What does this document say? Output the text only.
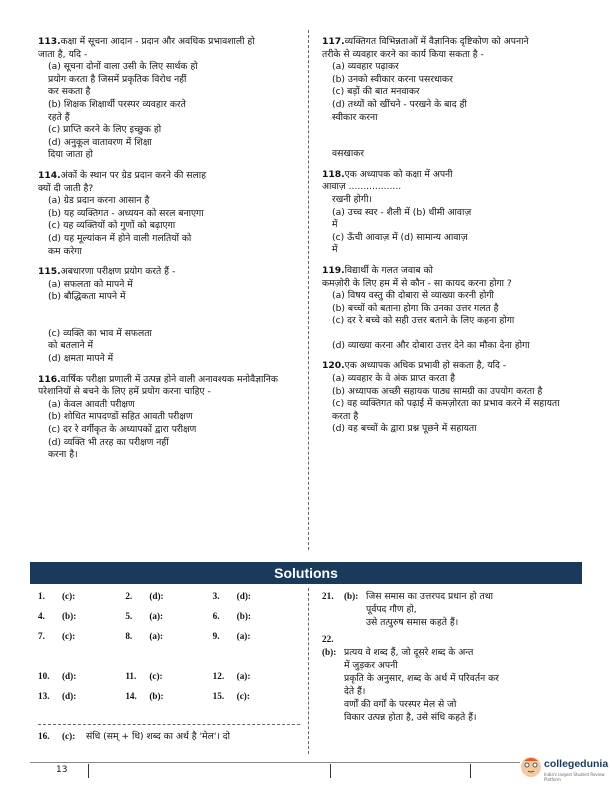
113.कक्षा में सूचना आदान - प्रदान और अवधिक प्रभावशाली हो
जाता है, यदि -
(a) सूचना दोनों वाला उसी के लिए सार्थक हो
प्रयोग करता है जिसमें प्रकृतिक विरोध नहीं
कर सकता है
(b) शिक्षक शिक्षार्थी परस्पर व्यवहार करते
रहते हैं
(c) प्राप्ति करने के लिए इच्छुक हो
(d) अनुकूल वातावरण में शिक्षा
दिया जाता हो
114.अंकों के स्थान पर ग्रेड प्रदान करने की सलाह
क्यों दी जाती है?
(a) ग्रेड प्रदान करना आसान है
(b) यह व्यक्तिगत - अध्ययन को सरल बनाएगा
(c) यह व्यक्तियों को गुणों को बढ़ाएगा
(d) यह मूल्यांकन में होने वाली गलतियों को
कम करेगा
115.अबधारणा परीक्षण प्रयोग करते हैं -
(a) सफलता को मापने में
(b) बौद्धिकता मापने में
(c) व्यक्ति का भाव में सफलता
को बतलाने में
(d) क्षमता मापने में
116.वार्षिक परीक्षा प्रणाली में उत्पन्न होने वाली अनावश्यक मनोवैज्ञानिक परेशानियों से बचने के लिए हमें प्रयोग करना चाहिए -
(a) केवल आवती परीक्षण
(b) शोधित मापदण्डों सहित आवती परीक्षण
(c) दर रे वर्गीकृत के अध्यापकों द्वारा परीक्षण
(d) व्यक्ति भी तरह का परीक्षण नहीं
करना है।
117.व्यक्तिगत विभिन्नताओं में वैज्ञानिक दृष्टिकोण को अपनाने
तरीके से व्यवहार करने का कार्य किया सकता है -
(a) व्यवहार पढ़ाकर
(b) उनको स्वीकार करना पसरधाकर
(c) बड़ों की बात मनवाकर
(d) तथ्यों को खींचने - परखने के बाद ही
स्वीकार करना
वसखाकर
118.एक अध्यापक को कक्षा में अपनी
आवाज़ ..................
रखनी होगी।
(a) उच्च स्वर - शैली में (b) धीमी आवाज़
में
(c) ऊँची आवाज़ में (d) सामान्य आवाज़
में
119.विद्यार्थी के गलत जवाब को
कमज़ोरी के लिए हम में से कौन - सा कायद करना होगा ?
(a) विषय वस्तु की दोबारा से व्याख्या करनी होगी
(b) बच्चों को बताना होगा कि उनका उत्तर गलत है
(c) दर रे बच्चे को सही उत्तर बताने के लिए कहना होगा
(d) व्याख्या करना और दोबारा उत्तर देने का मौका देना होगा
120.एक अध्यापक अधिक प्रभावी हो सकता है, यदि -
(a) व्यवहार के वे अंक प्राप्त करता है
(b) अध्यापक अच्छी सहायक पाठ्य सामग्री का उपयोग करता है
(c) वह व्यक्तिगत को पढ़ाई में कमज़ोरता का प्रभाव करने में सहायता
करता है
(d) वह बच्चों के द्वारा प्रश्न पूछने में सहायता
Solutions
1.	(c):	2.	(d):	3.	(d):
4.	(b):	5.	(a):	6.	(b):
7.	(c):	8.	(a):	9.	(a):
10.	(d):	11.	(c):	12.	(a):
13.	(d):	14.	(b):	15.	(c):
16.	(c):	संधि (सम् + धि) शब्द का अर्थ है 'मेल'। दो
21.	(b): जिस समास का उत्तरपद प्रधान हो तथा
पूर्वपद गौण हो,
उसे तत्पुरुष समास कहते हैं।
22.
(b): प्रत्यय वे शब्द हैं, जो दूसरे शब्द के अन्त
में जुड़कर अपनी
प्रकृति के अनुसार, शब्द के अर्थ में परिवर्तन कर
देते हैं।
वर्णों की वर्गों के परस्पर मेल से जो
विकार उत्पन्न होता है, उसे संधि कहते हैं।
13	collegedunia
India's largest Student Review Platform
